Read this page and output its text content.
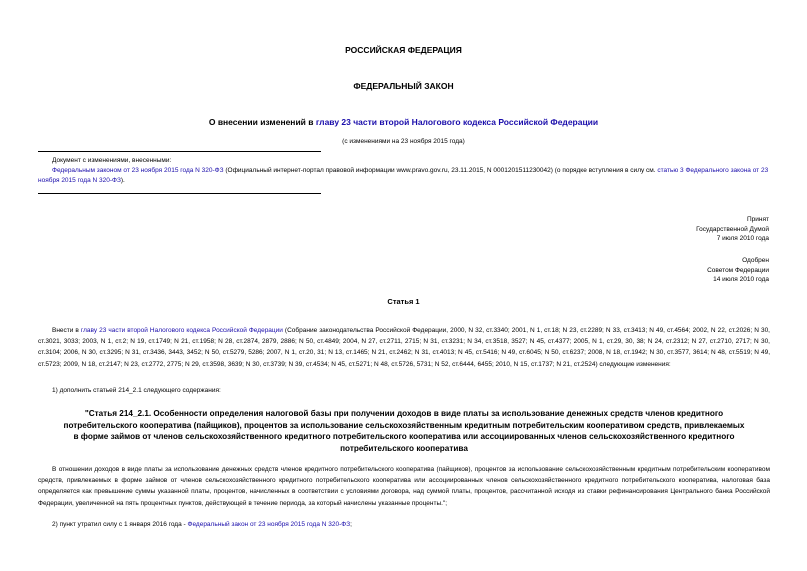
РОССИЙСКАЯ ФЕДЕРАЦИЯ
ФЕДЕРАЛЬНЫЙ ЗАКОН
О внесении изменений в главу 23 части второй Налогового кодекса Российской Федерации
(с изменениями на 23 ноября 2015 года)
Документ с изменениями, внесенными:
Федеральным законом от 23 ноября 2015 года N 320-ФЗ (Официальный интернет-портал правовой информации www.pravo.gov.ru, 23.11.2015, N 0001201511230042) (о порядке вступления в силу см. статью 3 Федерального закона от 23 ноября 2015 года N 320-ФЗ).
Принят
Государственной Думой
7 июля 2010 года
Одобрен
Советом Федерации
14 июля 2010 года
Статья 1
Внести в главу 23 части второй Налогового кодекса Российской Федерации (Собрание законодательства Российской Федерации, 2000, N 32, ст.3340; 2001, N 1, ст.18; N 23, ст.2289; N 33, ст.3413; N 49, ст.4564; 2002, N 22, ст.2026; N 30, ст.3021, 3033; 2003, N 1, ст.2; N 19, ст.1749; N 21, ст.1958; N 28, ст.2874, 2879, 2886; N 50, ст.4849; 2004, N 27, ст.2711, 2715; N 31, ст.3231; N 34, ст.3518, 3527; N 45, ст.4377; 2005, N 1, ст.29, 30, 38; N 24, ст.2312; N 27, ст.2710, 2717; N 30, ст.3104; 2006, N 30, ст.3295; N 31, ст.3436, 3443, 3452; N 50, ст.5279, 5286; 2007, N 1, ст.20, 31; N 13, ст.1465; N 21, ст.2462; N 31, ст.4013; N 45, ст.5416; N 49, ст.6045; N 50, ст.6237; 2008, N 18, ст.1942; N 30, ст.3577, 3614; N 48, ст.5519; N 49, ст.5723; 2009, N 18, ст.2147; N 23, ст.2772, 2775; N 29, ст.3598, 3639; N 30, ст.3739; N 39, ст.4534; N 45, ст.5271; N 48, ст.5726, 5731; N 52, ст.6444, 6455; 2010, N 15, ст.1737; N 21, ст.2524) следующие изменения:
1) дополнить статьей 214_2.1 следующего содержания:
"Статья 214_2.1. Особенности определения налоговой базы при получении доходов в виде платы за использование денежных средств членов кредитного потребительского кооператива (пайщиков), процентов за использование сельскохозяйственным кредитным потребительским кооперативом средств, привлекаемых в форме займов от членов сельскохозяйственного кредитного потребительского кооператива или ассоциированных членов сельскохозяйственного кредитного потребительского кооператива
В отношении доходов в виде платы за использование денежных средств членов кредитного потребительского кооператива (пайщиков), процентов за использование сельскохозяйственным кредитным потребительским кооперативом средств, привлекаемых в форме займов от членов сельскохозяйственного кредитного потребительского кооператива или ассоциированных членов сельскохозяйственного кредитного потребительского кооператива, налоговая база определяется как превышение суммы указанной платы, процентов, начисленных в соответствии с условиями договора, над суммой платы, процентов, рассчитанной исходя из ставки рефинансирования Центрального банка Российской Федерации, увеличенной на пять процентных пунктов, действующей в течение периода, за который начислены указанные проценты.";
2) пункт утратил силу с 1 января 2016 года - Федеральный закон от 23 ноября 2015 года N 320-ФЗ;
